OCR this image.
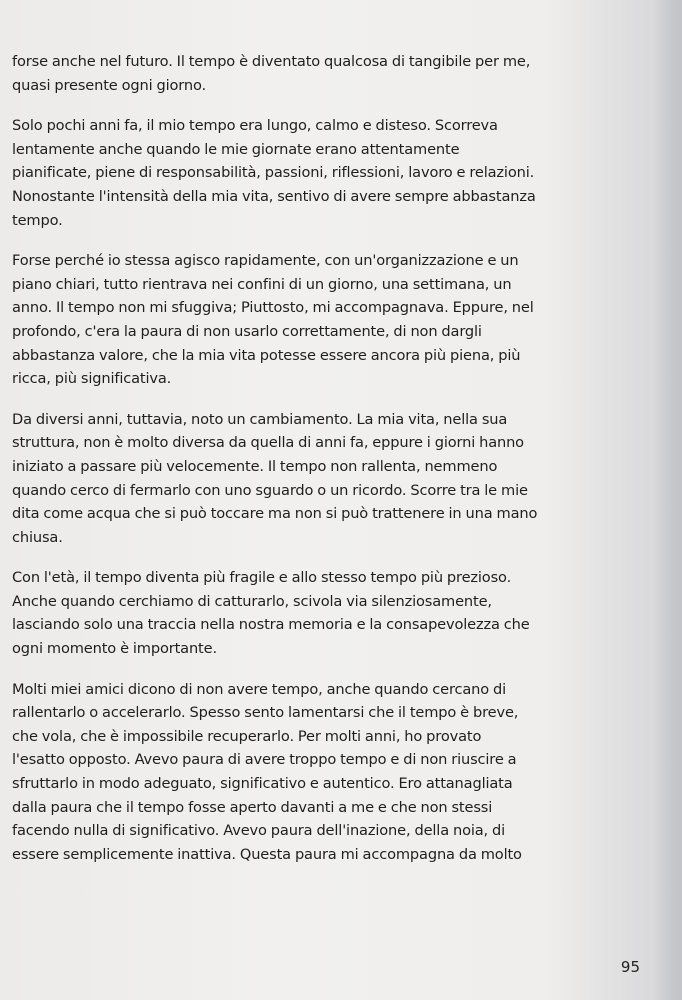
forse anche nel futuro. Il tempo è diventato qualcosa di tangibile per me,
quasi presente ogni giorno.

Solo pochi anni fa, il mio tempo era lungo, calmo e disteso. Scorreva
lentamente anche quando le mie giornate erano attentamente
pianificate, piene di responsabilità, passioni, riflessioni, lavoro e relazioni.
Nonostante l'intensità della mia vita, sentivo di avere sempre abbastanza
tempo.

Forse perché io stessa agisco rapidamente, con un'organizzazione e un
piano chiari, tutto rientrava nei confini di un giorno, una settimana, un
anno. Il tempo non mi sfuggiva; Piuttosto, mi accompagnava. Eppure, nel
profondo, c'era la paura di non usarlo correttamente, di non dargli
abbastanza valore, che la mia vita potesse essere ancora più piena, più
ricca, più significativa.

Da diversi anni, tuttavia, noto un cambiamento. La mia vita, nella sua
struttura, non è molto diversa da quella di anni fa, eppure i giorni hanno
iniziato a passare più velocemente. Il tempo non rallenta, nemmeno
quando cerco di fermarlo con uno sguardo o un ricordo. Scorre tra le mie
dita come acqua che si può toccare ma non si può trattenere in una mano
chiusa.

Con l'età, il tempo diventa più fragile e allo stesso tempo più prezioso.
Anche quando cerchiamo di catturarlo, scivola via silenziosamente,
lasciando solo una traccia nella nostra memoria e la consapevolezza che
ogni momento è importante.

Molti miei amici dicono di non avere tempo, anche quando cercano di
rallentarlo o accelerarlo. Spesso sento lamentarsi che il tempo è breve,
che vola, che è impossibile recuperarlo. Per molti anni, ho provato
l'esatto opposto. Avevo paura di avere troppo tempo e di non riuscire a
sfruttarlo in modo adeguato, significativo e autentico. Ero attanagliata
dalla paura che il tempo fosse aperto davanti a me e che non stessi
facendo nulla di significativo. Avevo paura dell'inazione, della noia, di
essere semplicemente inattiva. Questa paura mi accompagna da molto

95
